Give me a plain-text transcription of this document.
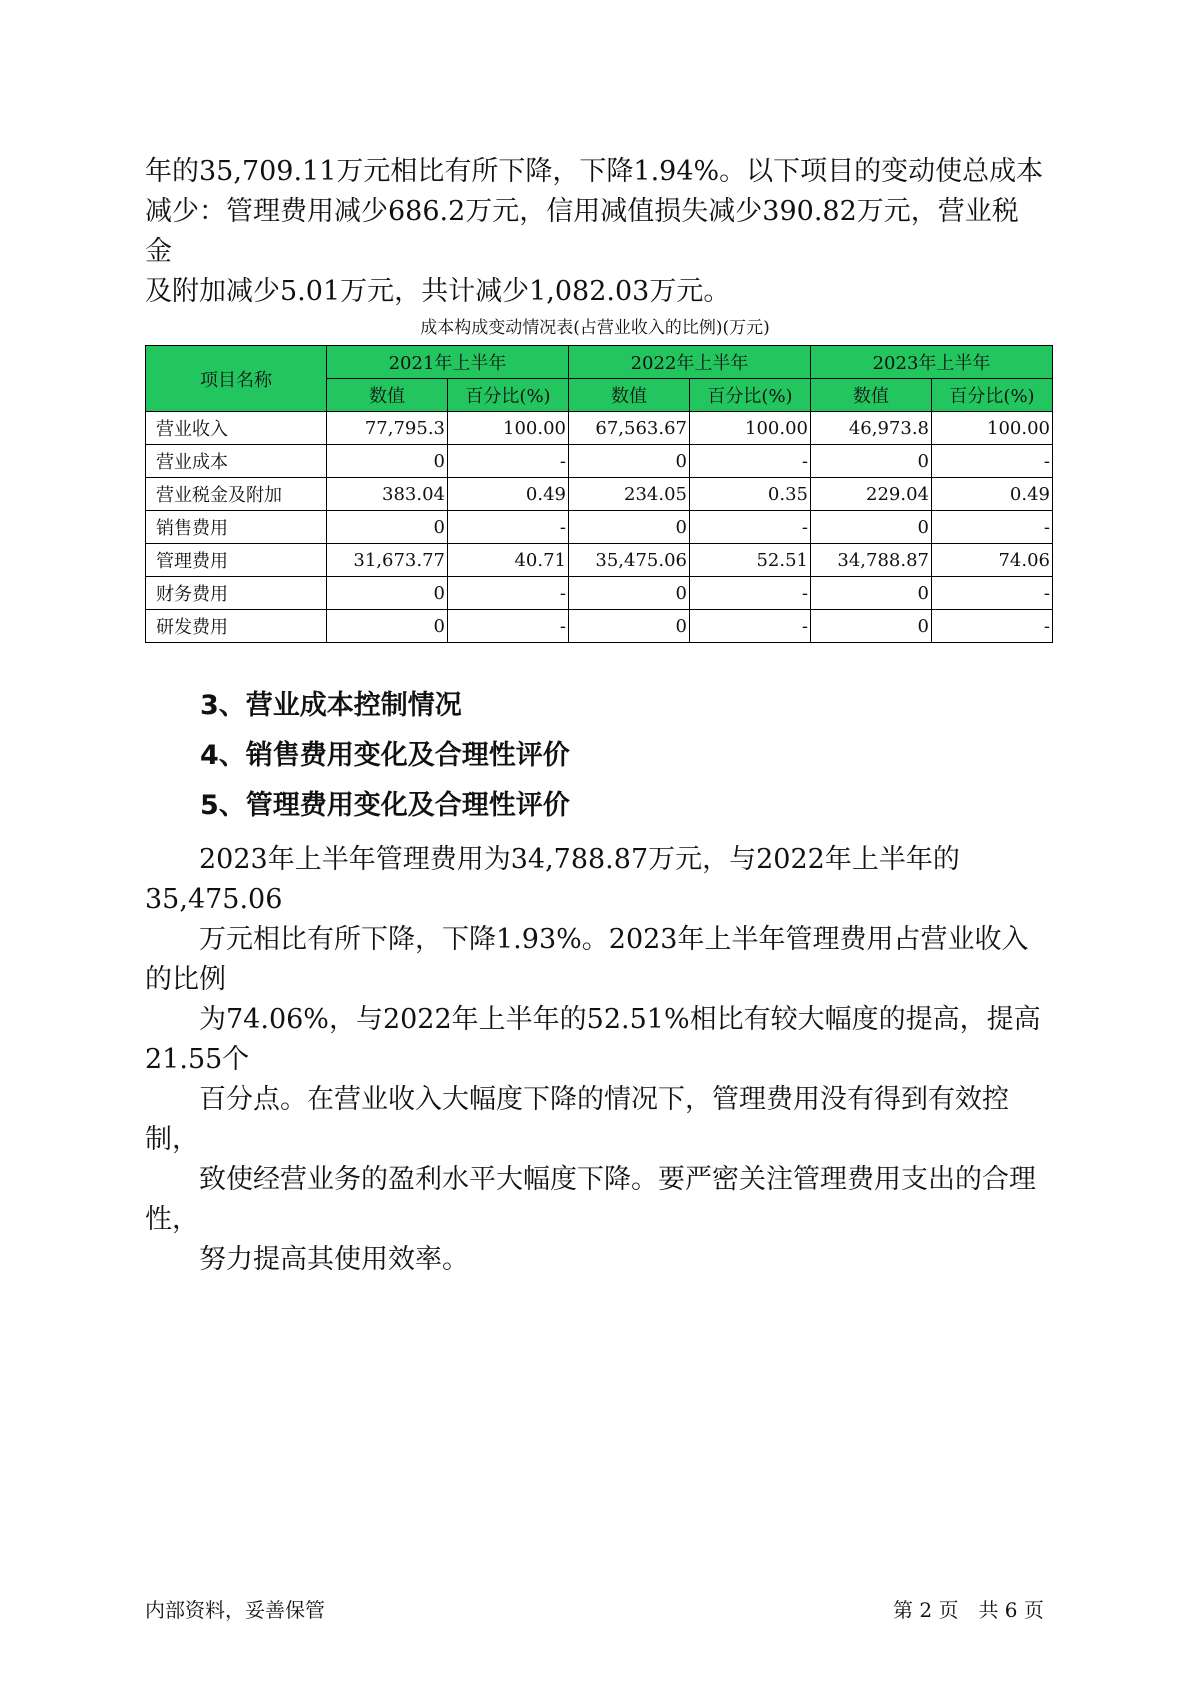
年的35,709.11万元相比有所下降，下降1.94%。以下项目的变动使总成本
减少：管理费用减少686.2万元，信用减值损失减少390.82万元，营业税金
及附加减少5.01万元，共计减少1,082.03万元。
成本构成变动情况表(占营业收入的比例)(万元)
项目名称	2021年上半年		2022年上半年		2023年上半年	
	数值	百分比(%)	数值	百分比(%)	数值	百分比(%)
营业收入	77,795.3	100.00	67,563.67	100.00	46,973.8	100.00
营业成本	0	-	0	-	0	-
营业税金及附加	383.04	0.49	234.05	0.35	229.04	0.49
销售费用	0	-	0	-	0	-
管理费用	31,673.77	40.71	35,475.06	52.51	34,788.87	74.06
财务费用	0	-	0	-	0	-
研发费用	0	-	0	-	0	-
3、营业成本控制情况
4、销售费用变化及合理性评价
5、管理费用变化及合理性评价
2023年上半年管理费用为34,788.87万元，与2022年上半年的35,475.06
万元相比有所下降，下降1.93%。2023年上半年管理费用占营业收入的比例
为74.06%，与2022年上半年的52.51%相比有较大幅度的提高，提高21.55个
百分点。在营业收入大幅度下降的情况下，管理费用没有得到有效控制，
致使经营业务的盈利水平大幅度下降。要严密关注管理费用支出的合理性，
努力提高其使用效率。
内部资料，妥善保管	第 2 页　共 6 页
